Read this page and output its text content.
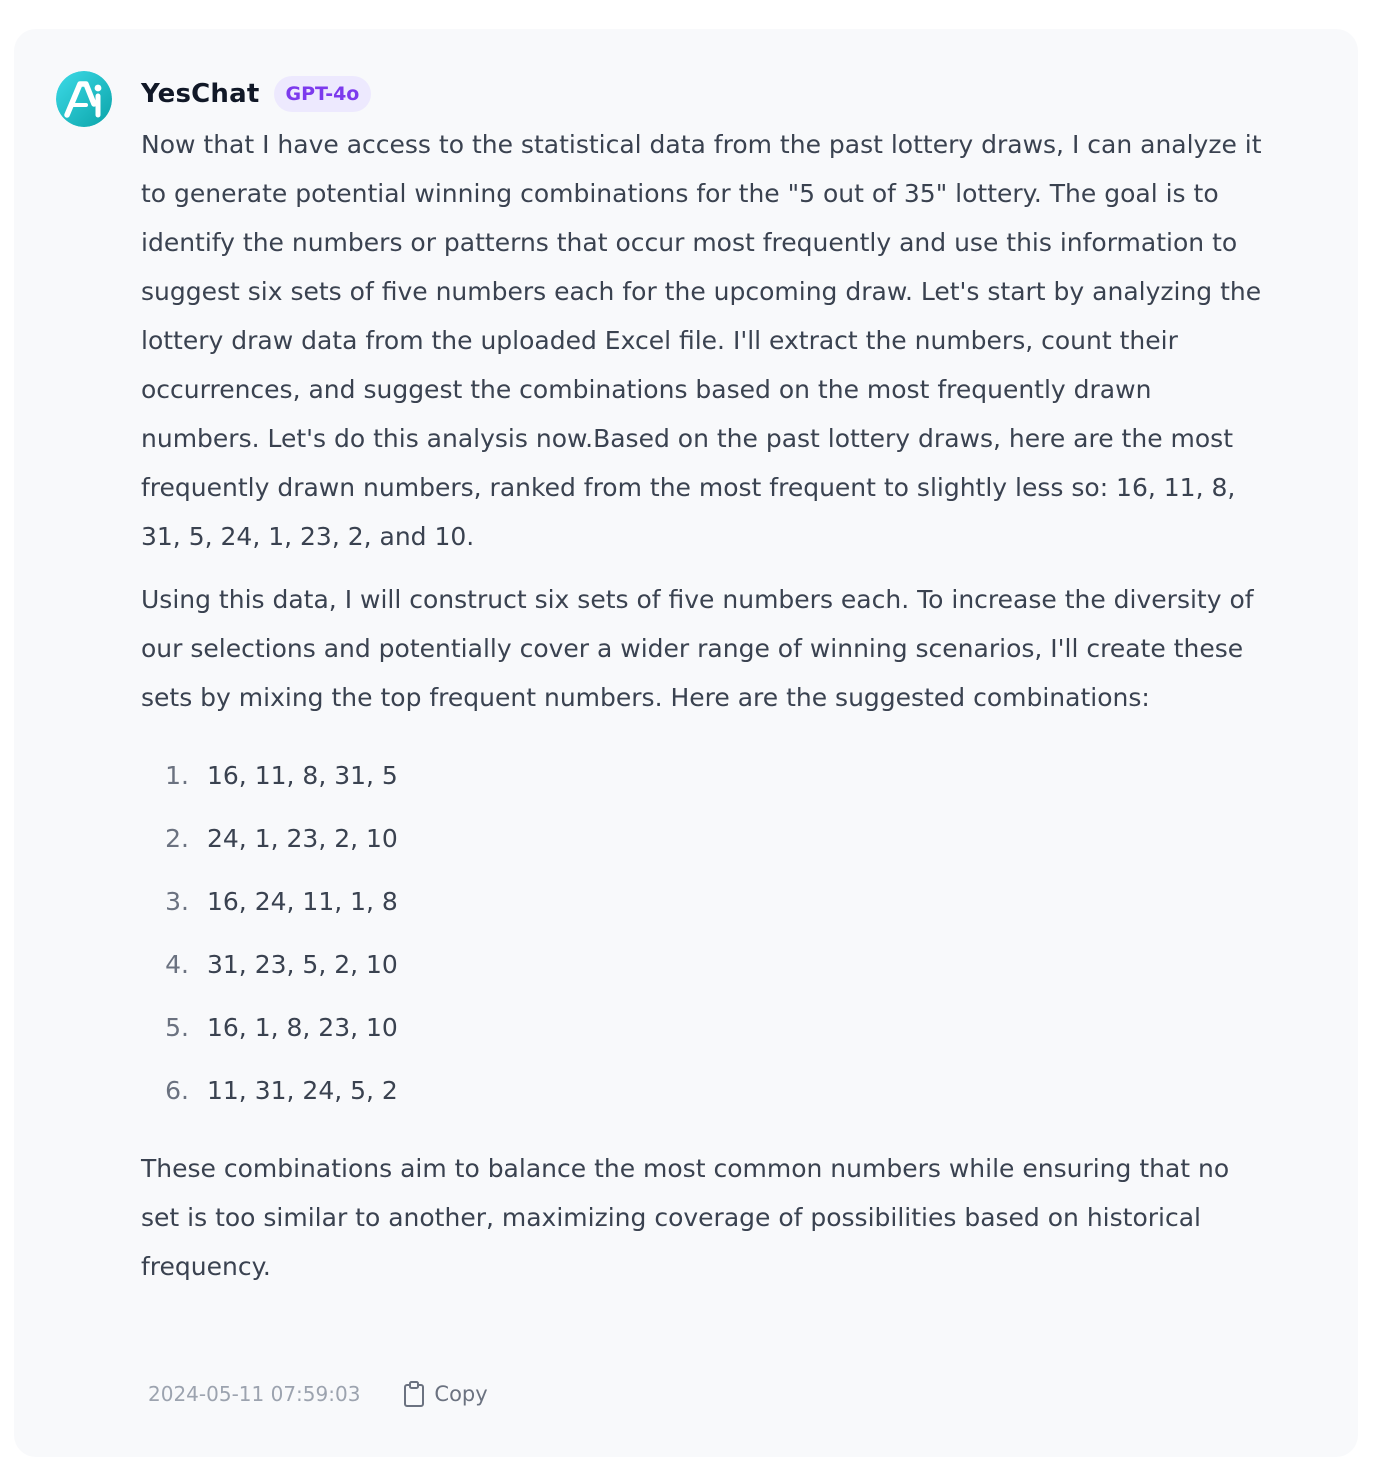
YesChat	GPT-4o

Now that I have access to the statistical data from the past lottery draws, I can analyze it to generate potential winning combinations for the "5 out of 35" lottery. The goal is to identify the numbers or patterns that occur most frequently and use this information to suggest six sets of five numbers each for the upcoming draw. Let's start by analyzing the lottery draw data from the uploaded Excel file. I'll extract the numbers, count their occurrences, and suggest the combinations based on the most frequently drawn numbers. Let's do this analysis now.Based on the past lottery draws, here are the most frequently drawn numbers, ranked from the most frequent to slightly less so: 16, 11, 8, 31, 5, 24, 1, 23, 2, and 10.

Using this data, I will construct six sets of five numbers each. To increase the diversity of our selections and potentially cover a wider range of winning scenarios, I'll create these sets by mixing the top frequent numbers. Here are the suggested combinations:

1. 16, 11, 8, 31, 5
2. 24, 1, 23, 2, 10
3. 16, 24, 11, 1, 8
4. 31, 23, 5, 2, 10
5. 16, 1, 8, 23, 10
6. 11, 31, 24, 5, 2

These combinations aim to balance the most common numbers while ensuring that no set is too similar to another, maximizing coverage of possibilities based on historical frequency.

2024-05-11 07:59:03	Copy
